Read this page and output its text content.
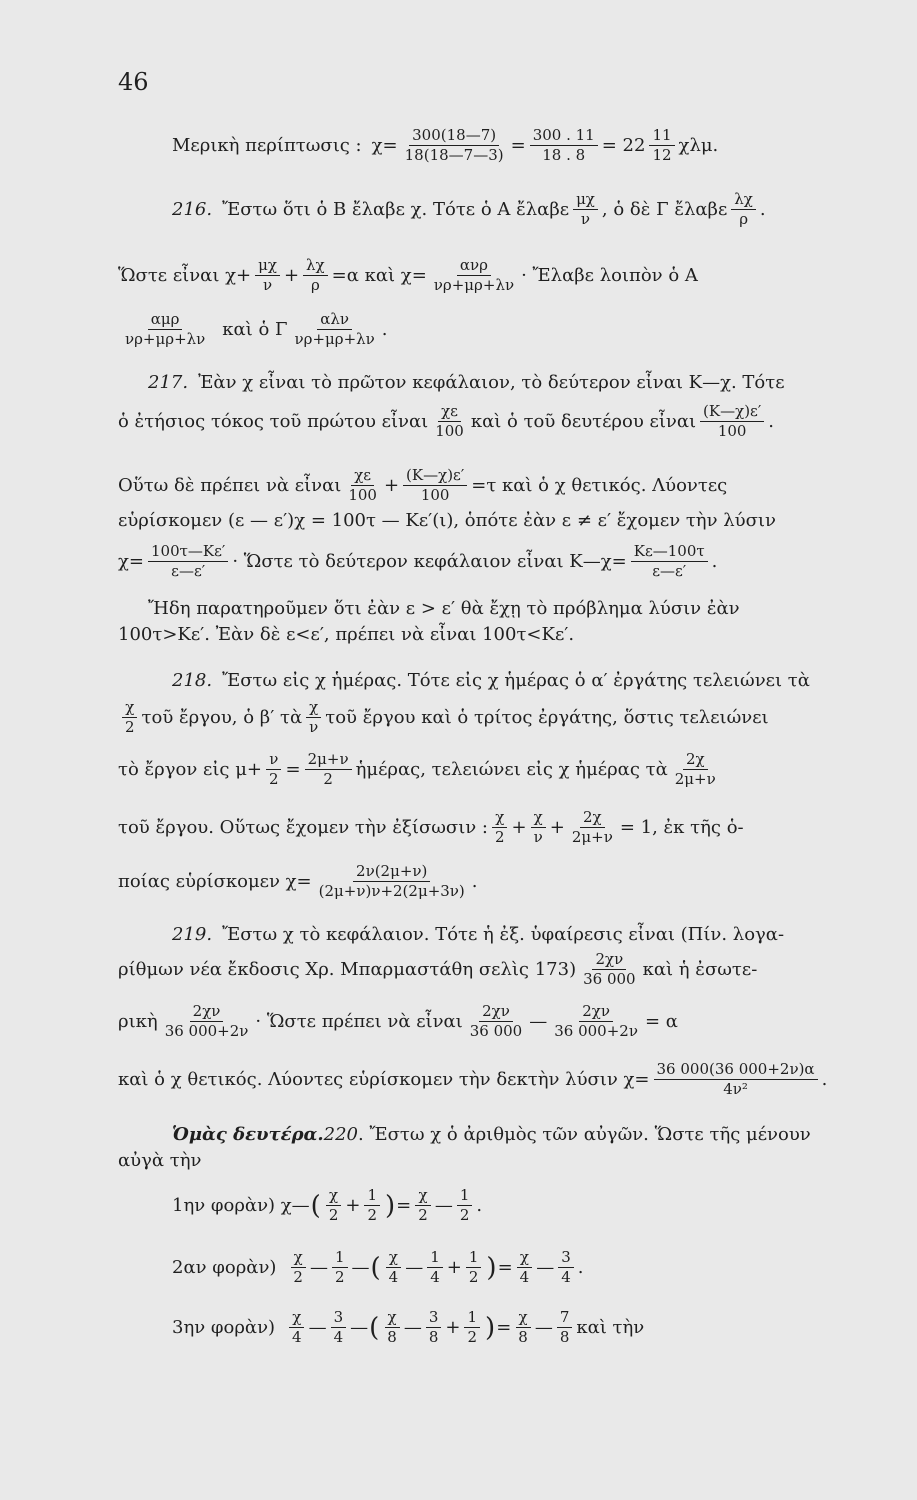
46
Μερικὴ περίπτωσις : $\chi= \frac{300(18—7)}{18(18—7—3)} = \frac{300 . 11}{18 . 8} = 22 \frac{11}{12} \chi\lambda\mu$.
216. Ἔστω ὅτι ὁ Β ἔλαβε χ. Τότε ὁ Α ἔλαβε $\frac{\mu\chi}{\nu}$ , ὁ δὲ Γ ἔλαβε $\frac{\lambda\chi}{\rho}$ .
Ὥστε εἶναι $\chi+ \frac{\mu\chi}{\nu} + \frac{\lambda\chi}{\rho} =\alpha$ καὶ $\chi= \frac{\text{ανρ}}{\nu\rho+\mu\rho+\lambda\nu}$ · Ἔλαβε λοιπὸν ὁ Α
$\frac{\text{αμρ}}{\nu\rho+\mu\rho+\lambda\nu}$ καὶ ὁ Γ $\frac{\text{αλν}}{\nu\rho+\mu\rho+\lambda\nu}$ .
217. Ἐὰν χ εἶναι τὸ πρῶτον κεφάλαιον, τὸ δεύτερον εἶναι Κ—χ. Τότε
ὁ ἐτήσιος τόκος τοῦ πρώτου εἶναι $\frac{\chi\varepsilon}{100}$ καὶ ὁ τοῦ δευτέρου εἶναι $\frac{(K—\chi)\varepsilon'}{100}$ .
Οὕτω δὲ πρέπει νὰ εἶναι $\frac{\chi\varepsilon}{100} + \frac{(K—\chi)\varepsilon'}{100} =\tau$ καὶ ὁ χ θετικός. Λύοντες
εὑρίσκομεν (ε — ε′)χ = 100τ — Κε′(ι), ὁπότε ἐὰν ε ≠ ε′ ἔχομεν τὴν λύσιν
$\chi= \frac{100\tau—K\varepsilon'}{\varepsilon—\varepsilon'}$ · Ὥστε τὸ δεύτερον κεφάλαιον εἶναι Κ—χ= $\frac{K\varepsilon—100\tau}{\varepsilon—\varepsilon'}$ .
Ἤδη παρατηροῦμεν ὅτι ἐὰν ε > ε′ θὰ ἔχῃ τὸ πρόβλημα λύσιν ἐὰν
100τ>Κε′. Ἐὰν δὲ ε<ε′, πρέπει νὰ εἶναι 100τ<Κε′.
218. Ἔστω εἰς χ ἡμέρας. Τότε εἰς χ ἡμέρας ὁ α′ ἐργάτης τελειώνει τὰ
$\frac{\chi}{2}$ τοῦ ἔργου, ὁ β′ τὰ $\frac{\chi}{\nu}$ τοῦ ἔργου καὶ ὁ τρίτος ἐργάτης, ὅστις τελειώνει
τὸ ἔργον εἰς $\mu+ \frac{\nu}{2} = \frac{2\mu+\nu}{2}$ ἡμέρας, τελειώνει εἰς χ ἡμέρας τὰ $\frac{2\chi}{2\mu+\nu}$
τοῦ ἔργου. Οὕτως ἔχομεν τὴν ἐξίσωσιν : $\frac{\chi}{2} + \frac{\chi}{\nu} + \frac{2\chi}{2\mu+\nu} = 1$, ἐκ τῆς ὁ-
ποίας εὑρίσκομεν $\chi= \frac{2\nu(2\mu+\nu)}{(2\mu+\nu)\nu+2(2\mu+3\nu)}$ .
219. Ἔστω χ τὸ κεφάλαιον. Τότε ἡ ἐξ. ὑφαίρεσις εἶναι (Πίν. λογα-
ρίθμων νέα ἔκδοσις Χρ. Μπαρμαστάθη σελὶς $173) \frac{2\chi\nu}{36 000}$ καὶ ἡ ἐσωτε-
ρικὴ $\frac{2\chi\nu}{36 000+2\nu}$ · Ὥστε πρέπει νὰ εἶναι $\frac{2\chi\nu}{36 000}$ — $\frac{2\chi\nu}{36 000+2\nu} = \alpha$
καὶ ὁ χ θετικός. Λύοντες εὑρίσκομεν τὴν δεκτὴν λύσιν $\chi= \frac{36 000(36 000+2\nu)\alpha}{\text{4ν²}}$ .
Ὁμὰς δευτέρα. 220 . Ἔστω χ ὁ ἀριθμὸς τῶν αὐγῶν. Ὥστε τῆς μένουν
αὐγὰ τὴν
1ην φορὰν) χ— ( $\frac{\chi}{2} + \frac{1}{2}$ ) = $\frac{\chi}{2}$ — $\frac{1}{2}$ .
2αν φορὰν) $\frac{\chi}{2}$ — $\frac{1}{2}$ — ( $\frac{\chi}{4}$ — $\frac{1}{4} + \frac{1}{2}$ ) = $\frac{\chi}{4}$ — $\frac{3}{4}$ .
3ην φορὰν) $\frac{\chi}{4}$ — $\frac{3}{4}$ — ( $\frac{\chi}{8}$ — $\frac{3}{8} + \frac{1}{2}$ ) = $\frac{\chi}{8}$ — $\frac{7}{8}$ καὶ τὴν
